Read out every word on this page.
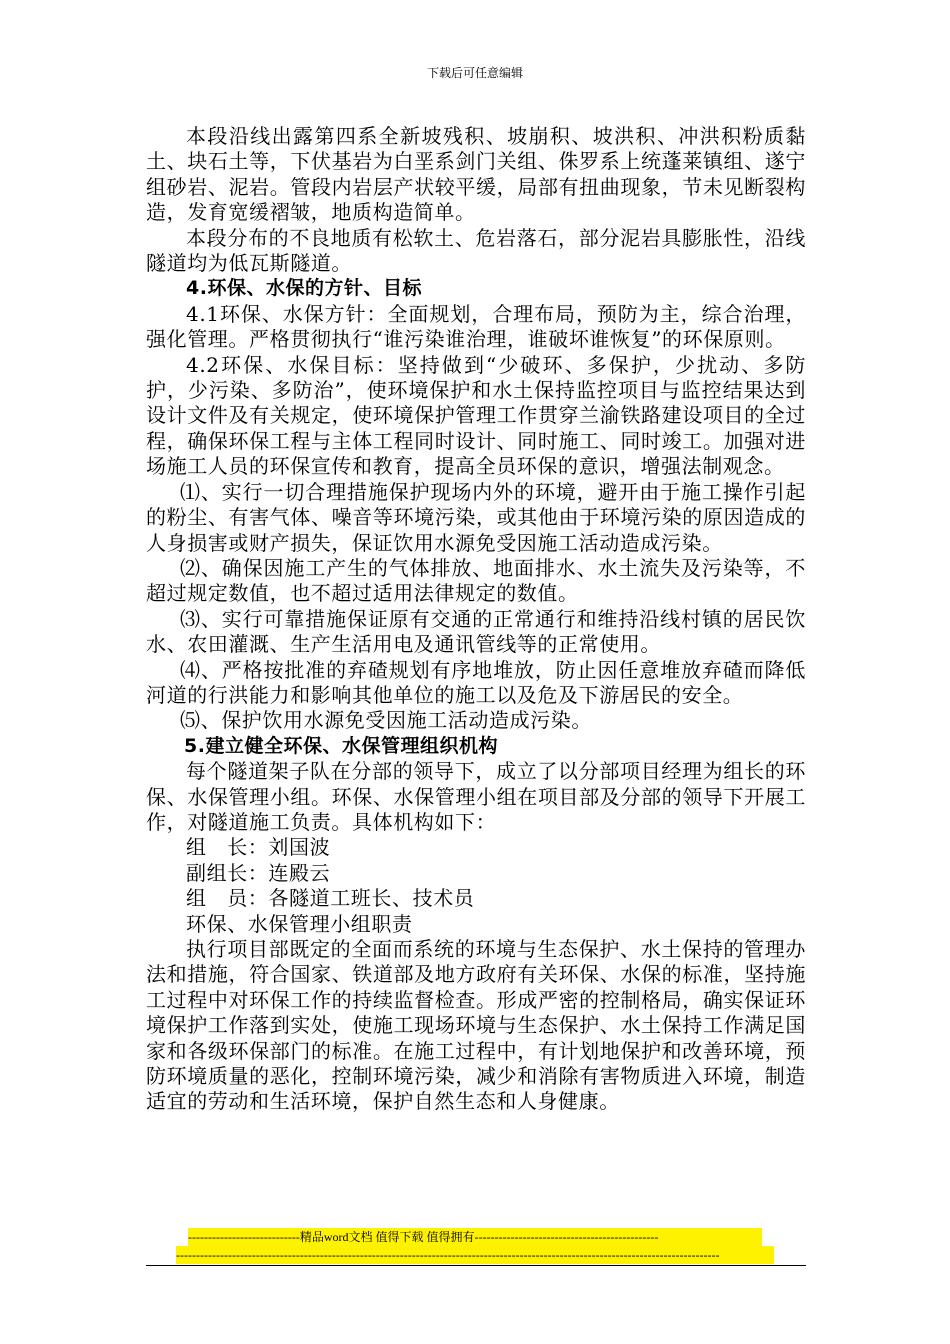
下载后可任意编辑

本段沿线出露第四系全新坡残积、坡崩积、坡洪积、冲洪积粉质黏土、块石土等，下伏基岩为白垩系剑门关组、侏罗系上统蓬莱镇组、遂宁组砂岩、泥岩。管段内岩层产状较平缓，局部有扭曲现象，节未见断裂构造，发育宽缓褶皱，地质构造简单。

本段分布的不良地质有松软土、危岩落石，部分泥岩具膨胀性，沿线隧道均为低瓦斯隧道。

4.环保、水保的方针、目标

4.1环保、水保方针：全面规划，合理布局，预防为主，综合治理，强化管理。严格贯彻执行“谁污染谁治理，谁破坏谁恢复”的环保原则。

4.2环保、水保目标：坚持做到“少破环、多保护，少扰动、多防护，少污染、多防治”，使环境保护和水土保持监控项目与监控结果达到设计文件及有关规定，使环境保护管理工作贯穿兰渝铁路建设项目的全过程，确保环保工程与主体工程同时设计、同时施工、同时竣工。加强对进场施工人员的环保宣传和教育，提高全员环保的意识，增强法制观念。

⑴、实行一切合理措施保护现场内外的环境，避开由于施工操作引起的粉尘、有害气体、噪音等环境污染，或其他由于环境污染的原因造成的人身损害或财产损失，保证饮用水源免受因施工活动造成污染。

⑵、确保因施工产生的气体排放、地面排水、水土流失及污染等，不超过规定数值，也不超过适用法律规定的数值。

⑶、实行可靠措施保证原有交通的正常通行和维持沿线村镇的居民饮水、农田灌溉、生产生活用电及通讯管线等的正常使用。

⑷、严格按批准的弃碴规划有序地堆放，防止因任意堆放弃碴而降低河道的行洪能力和影响其他单位的施工以及危及下游居民的安全。

⑸、保护饮用水源免受因施工活动造成污染。

5.建立健全环保、水保管理组织机构

每个隧道架子队在分部的领导下，成立了以分部项目经理为组长的环保、水保管理小组。环保、水保管理小组在项目部及分部的领导下开展工作，对隧道施工负责。具体机构如下：

组　长：刘国波

副组长：连殿云

组　员：各隧道工班长、技术员

环保、水保管理小组职责

执行项目部既定的全面而系统的环境与生态保护、水土保持的管理办法和措施，符合国家、铁道部及地方政府有关环保、水保的标准，坚持施工过程中对环保工作的持续监督检查。形成严密的控制格局，确实保证环境保护工作落到实处，使施工现场环境与生态保护、水土保持工作满足国家和各级环保部门的标准。在施工过程中，有计划地保护和改善环境，预防环境质量的恶化，控制环境污染，减少和消除有害物质进入环境，制造适宜的劳动和生活环境，保护自然生态和人身健康。

----------------------------精品word文档 值得下载 值得拥有----------------------------------------------
----------------------------------------------------------------------------------------------------------------------------------------
